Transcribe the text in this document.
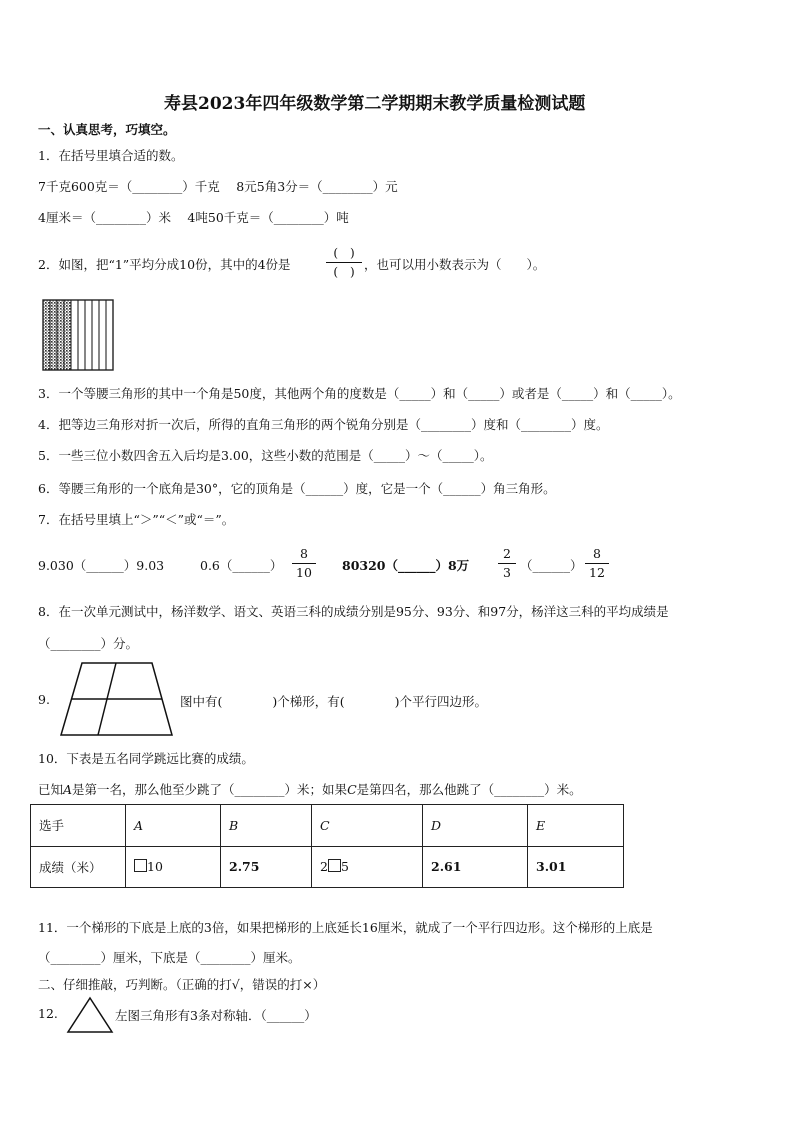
寿县2023年四年级数学第二学期期末教学质量检测试题
一、认真思考，巧填空。
1．在括号里填合适的数。
7千克600克＝（________）千克　 8元5角3分＝（________）元
4厘米＝（________）米　 4吨50千克＝（________）吨
2．如图，把“1”平均分成10份，其中的4份是
(　)
(　) ，也可以用小数表示为（　　）。
3．一个等腰三角形的其中一个角是50度，其他两个角的度数是（_____）和（_____）或者是（_____）和（_____）。
4．把等边三角形对折一次后，所得的直角三角形的两个锐角分别是（________）度和（________）度。
5．一些三位小数四舍五入后均是3.00，这些小数的范围是（_____）～（_____）。
6．等腰三角形的一个底角是30°，它的顶角是（______）度，它是一个（______）角三角形。
7．在括号里填上“＞”“＜”或“＝”。
9.030（______）9.03	0.6（______）
8
10	80320（______）8万
2
3 （______）
8
12
8．在一次单元测试中，杨洋数学、语文、英语三科的成绩分别是95分、93分、和97分，杨洋这三科的平均成绩是
（________）分。
9.	图中有(　　　　)个梯形，有(　　　　)个平行四边形。
10．下表是五名同学跳远比赛的成绩。
已知A是第一名，那么他至少跳了（________）米；如果C是第四名，那么他跳了（________）米。
选手	A	B	C	D	E
成绩（米）	10	2.75	2 5	2.61	3.01
11．一个梯形的下底是上底的3倍，如果把梯形的上底延长16厘米，就成了一个平行四边形。这个梯形的上底是
（________）厘米，下底是（________）厘米。
二、仔细推敲，巧判断。（正确的打√，错误的打×）
12.	左图三角形有3条对称轴．（______）
